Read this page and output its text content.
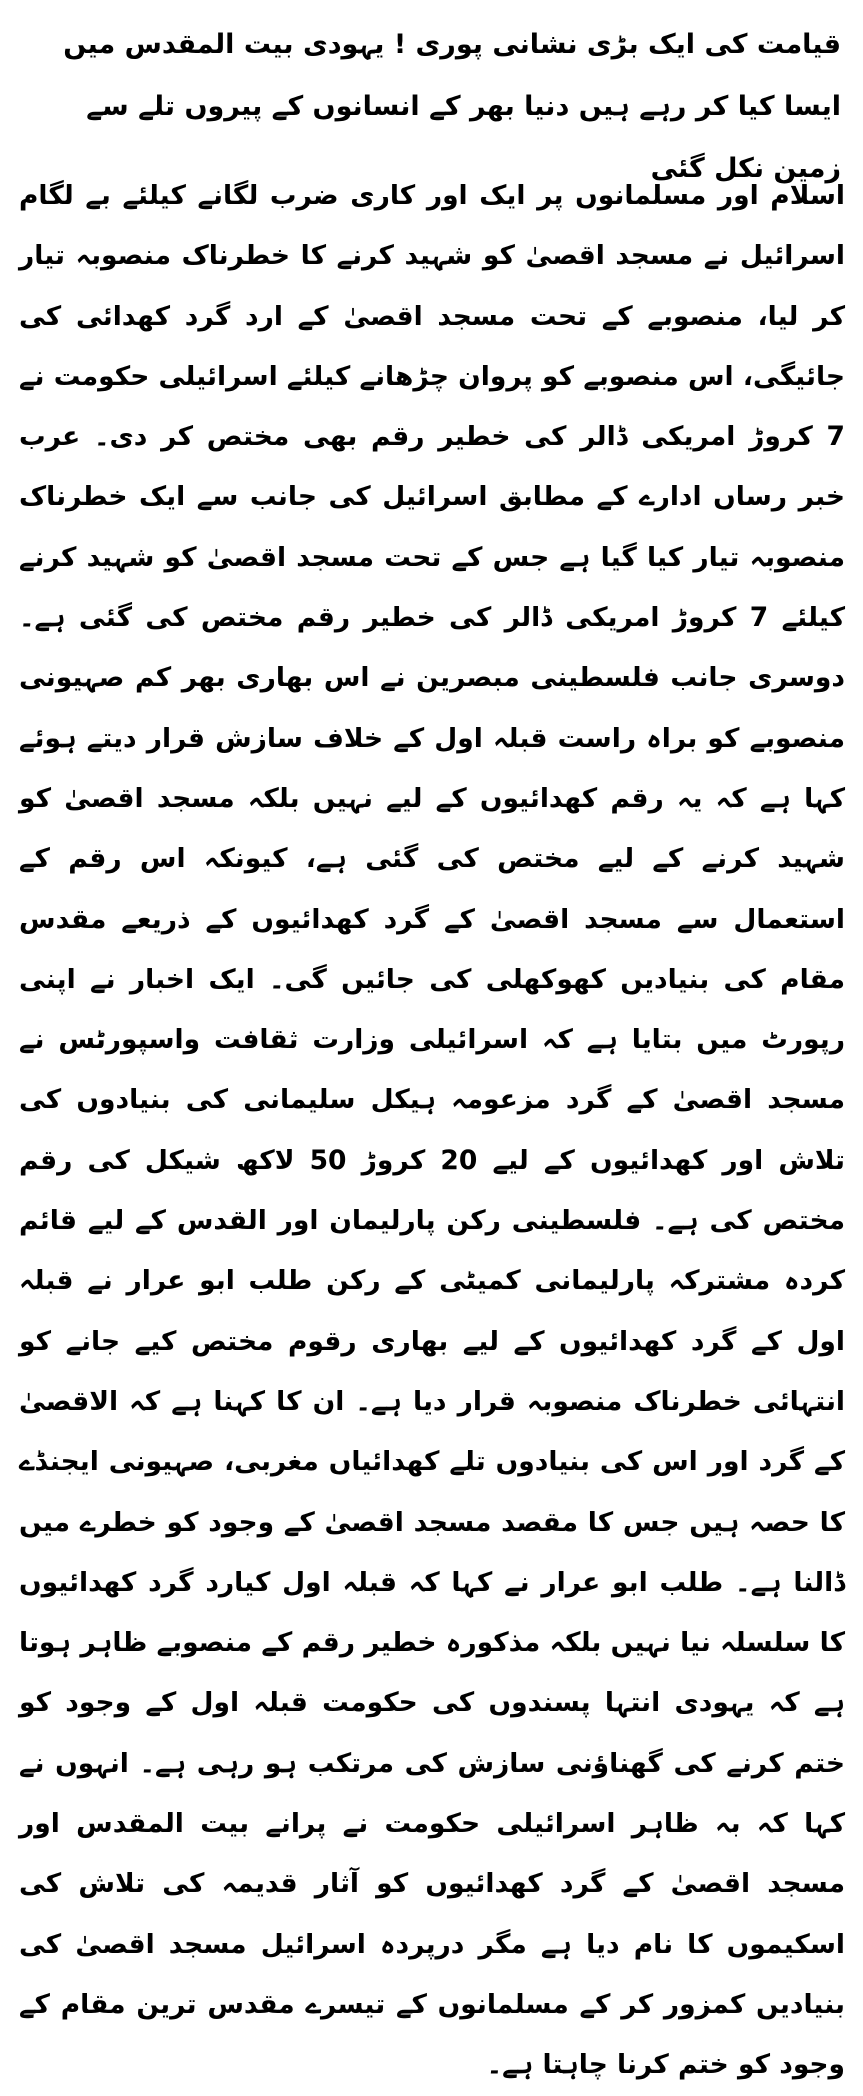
قیامت کی ایک بڑی نشانی پوری ! یہودی بیت المقدس میں ایسا کیا کر رہے ہیں دنیا بھر کے انسانوں کے پیروں تلے سے زمین نکل گئی

اسلام اور مسلمانوں پر ایک اور کاری ضرب لگانے کیلئے بے لگام اسرائیل نے مسجد اقصیٰ کو شہید کرنے کا خطرناک منصوبہ تیار کر لیا، منصوبے کے تحت مسجد اقصیٰ کے ارد گرد کھدائی کی جائیگی، اس منصوبے کو پروان چڑھانے کیلئے اسرائیلی حکومت نے 7 کروڑ امریکی ڈالر کی خطیر رقم بھی مختص کر دی۔ عرب خبر رساں ادارے کے مطابق اسرائیل کی جانب سے ایک خطرناک منصوبہ تیار کیا گیا ہے جس کے تحت مسجد اقصیٰ کو شہید کرنے کیلئے 7 کروڑ امریکی ڈالر کی خطیر رقم مختص کی گئی ہے۔ دوسری جانب فلسطینی مبصرین نے اس بھاری بھر کم صہیونی منصوبے کو براہ راست قبلہ اول کے خلاف سازش قرار دیتے ہوئے کہا ہے کہ یہ رقم کھدائیوں کے لیے نہیں بلکہ مسجد اقصیٰ کو شہید کرنے کے لیے مختص کی گئی ہے، کیونکہ اس رقم کے استعمال سے مسجد اقصیٰ کے گرد کھدائیوں کے ذریعے مقدس مقام کی بنیادیں کھوکھلی کی جائیں گی۔ ایک اخبار نے اپنی رپورٹ میں بتایا ہے کہ اسرائیلی وزارت ثقافت واسپورٹس نے مسجد اقصیٰ کے گرد مزعومہ ہیکل سلیمانی کی بنیادوں کی تلاش اور کھدائیوں کے لیے 20 کروڑ 50 لاکھ شیکل کی رقم مختص کی ہے۔ فلسطینی رکن پارلیمان اور القدس کے لیے قائم کردہ مشترکہ پارلیمانی کمیٹی کے رکن طلب ابو عرار نے قبلہ اول کے گرد کھدائیوں کے لیے بھاری رقوم مختص کیے جانے کو انتہائی خطرناک منصوبہ قرار دیا ہے۔ ان کا کہنا ہے کہ الاقصیٰ کے گرد اور اس کی بنیادوں تلے کھدائیاں مغربی، صہیونی ایجنڈے کا حصہ ہیں جس کا مقصد مسجد اقصیٰ کے وجود کو خطرے میں ڈالنا ہے۔ طلب ابو عرار نے کہا کہ قبلہ اول کیارد گرد کھدائیوں کا سلسلہ نیا نہیں بلکہ مذکورہ خطیر رقم کے منصوبے ظاہر ہوتا ہے کہ یہودی انتہا پسندوں کی حکومت قبلہ اول کے وجود کو ختم کرنے کی گھناؤنی سازش کی مرتکب ہو رہی ہے۔ انہوں نے کہا کہ بہ ظاہر اسرائیلی حکومت نے پرانے بیت المقدس اور مسجد اقصیٰ کے گرد کھدائیوں کو آثار قدیمہ کی تلاش کی اسکیموں کا نام دیا ہے مگر درپردہ اسرائیل مسجد اقصیٰ کی بنیادیں کمزور کر کے مسلمانوں کے تیسرے مقدس ترین مقام کے وجود کو ختم کرنا چاہتا ہے۔
